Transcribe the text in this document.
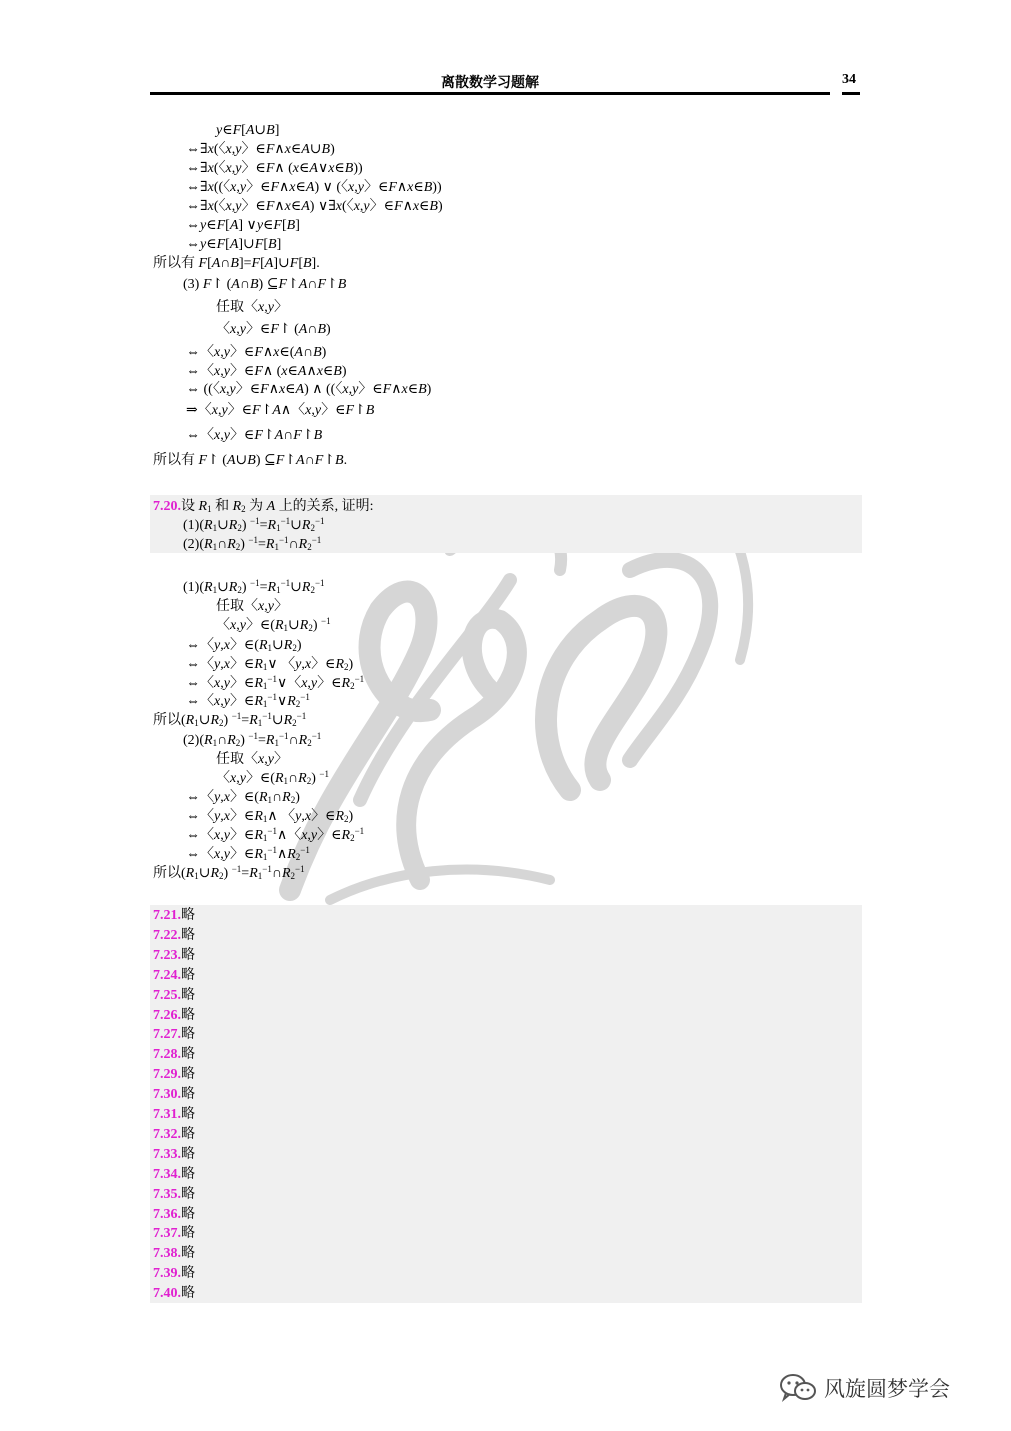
离散数学习题解	34
y∈F[A∪B]
⇔∃x(〈x,y〉∈F∧x∈A∪B)
⇔∃x(〈x,y〉∈F∧ (x∈A∨x∈B))
⇔∃x((〈x,y〉∈F∧x∈A) ∨ (〈x,y〉∈F∧x∈B))
⇔∃x(〈x,y〉∈F∧x∈A) ∨∃x(〈x,y〉∈F∧x∈B)
⇔y∈F[A] ∨y∈F[B]
⇔y∈F[A]∪F[B]
所以有 F[A∩B]=F[A]∪F[B].
(3) F↾ (A∩B) ⊆F↾A∩F↾B
任取〈x,y〉
〈x,y〉∈F↾ (A∩B)
⇔〈x,y〉∈F∧x∈(A∩B)
⇔〈x,y〉∈F∧ (x∈A∧x∈B)
⇔ ((〈x,y〉∈F∧x∈A) ∧ ((〈x,y〉∈F∧x∈B)
⇒〈x,y〉∈F↾A∧〈x,y〉∈F↾B
⇔〈x,y〉∈F↾A∩F↾B
所以有 F↾ (A∪B) ⊆F↾A∩F↾B.
7.20.设 $R_1$ 和 $R_2$ 为 A 上的关系, 证明:
$(1)(R_1\cup R_2)$ $^{-1}=R_1^{-1}\cup R_2^{-1}$
$(2)(R_1\cap R_2)$ $^{-1}=R_1^{-1}\cap R_2^{-1}$
$(1)(R_1\cup R_2)$ $^{-1}=R_1^{-1}\cup R_2^{-1}$
任取〈x,y〉
〈x,y〉$\in(R_1\cup R_2)$ $^{-1}$
⇔〈y,x〉$\in(R_1\cup R_2)$
⇔〈y,x〉$\in R_1\vee$ 〈y,x〉$\in R_2$)
⇔〈x,y〉$\in R_1^{-1}\vee$〈x,y〉$\in R_2^{-1}$
⇔〈x,y〉$\in R_1^{-1}\vee R_2^{-1}$
所以$(R_1\cup R_2)$ $^{-1}=R_1^{-1}\cup R_2^{-1}$
$(2)(R_1\cap R_2)$ $^{-1}=R_1^{-1}\cap R_2^{-1}$
任取〈x,y〉
〈x,y〉$\in(R_1\cap R_2)$ $^{-1}$
⇔〈y,x〉$\in(R_1\cap R_2)$
⇔〈y,x〉$\in R_1\wedge$ 〈y,x〉$\in R_2$)
⇔〈x,y〉$\in R_1^{-1}\wedge$〈x,y〉$\in R_2^{-1}$
⇔〈x,y〉$\in R_1^{-1}\wedge R_2^{-1}$
所以$(R_1\cup R_2)$ $^{-1}=R_1^{-1}\cap R_2^{-1}$
7.21.略
7.22.略
7.23.略
7.24.略
7.25.略
7.26.略
7.27.略
7.28.略
7.29.略
7.30.略
7.31.略
7.32.略
7.33.略
7.34.略
7.35.略
7.36.略
7.37.略
7.38.略
7.39.略
7.40.略
风旋圆梦学会
